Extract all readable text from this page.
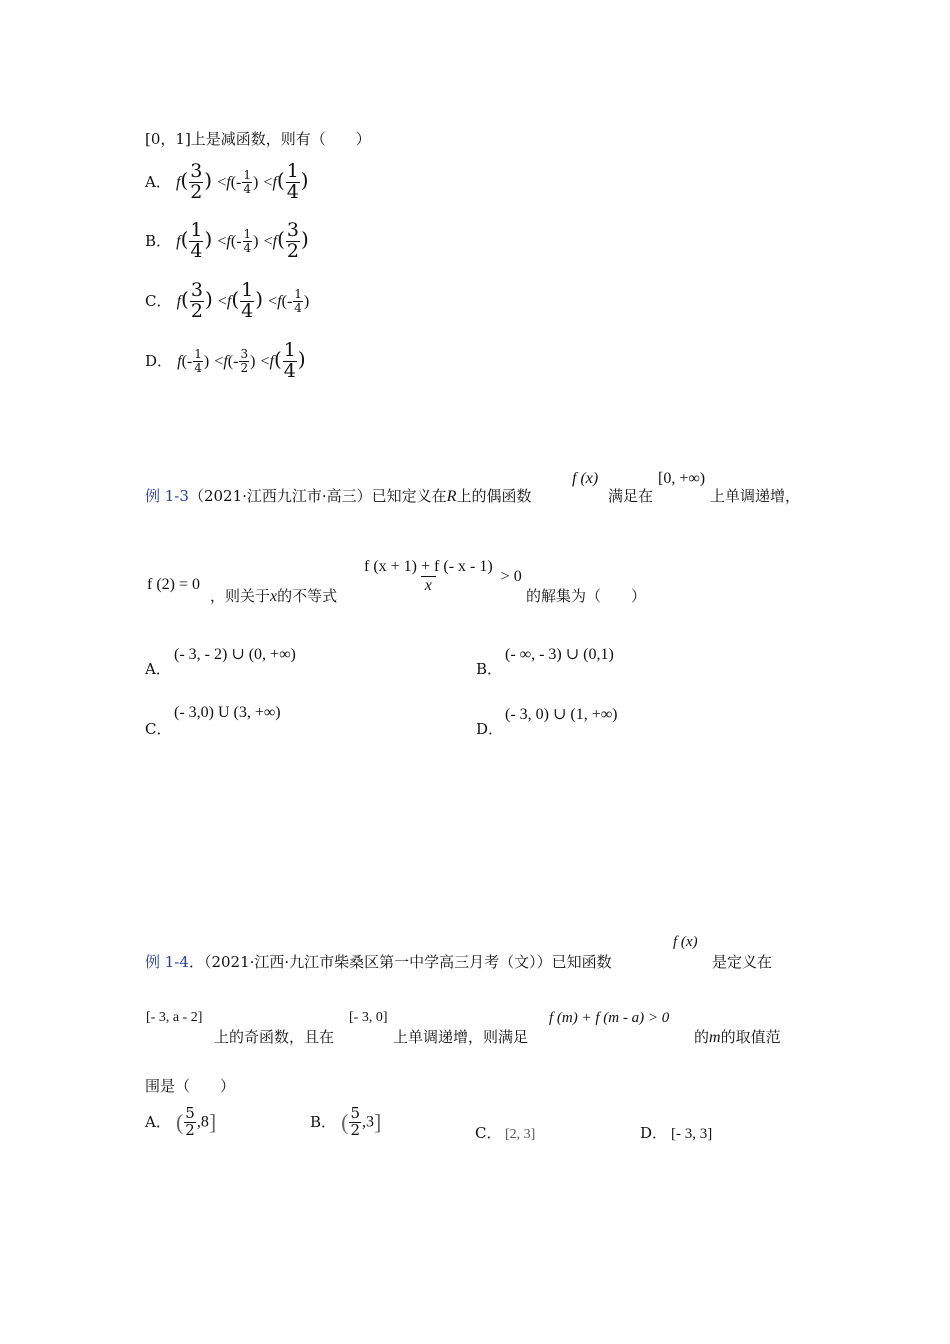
[0，1]上是减函数，则有（　　）
A． $f( \frac{3}{2}$ ) $<f(- \frac{1}{4}$ ) $<f( \frac{1}{4}$ )
B． $f( \frac{1}{4}$ ) $<f(- \frac{1}{4}$ ) $<f( \frac{3}{2}$ )
C． $f( \frac{3}{2}$ ) $<f( \frac{1}{4}$ ) $<f(- \frac{1}{4}$ )
D． $f(- \frac{1}{4}$ ) $<f(- \frac{3}{2}$ ) $<f( \frac{1}{4}$ )
例 1-3（2021·江西九江市·高三）已知定义在R上的偶函数
f (x)
满足在
[0, +∞)
上单调递增，
f (2) = 0
，则关于x的不等式
$\frac{f (x + 1) + f (- x - 1)}{x} > 0$
的解集为（　　）
A．
(- 3, - 2) ∪ (0, +∞)
B．
(- ∞, - 3) ∪ (0,1)
C．
(- 3,0) U (3, +∞)
D．
(- 3, 0) ∪ (1, +∞)
例 1-4．（2021·江西·九江市柴桑区第一中学高三月考（文））已知函数
f (x)
是定义在
[- 3, a - 2]
上的奇函数，且在
[- 3, 0]
上单调递增，则满足
f (m) + f (m - a) > 0
的m的取值范
围是（　　）
A． ( $\frac{5}{2} ,8$]	B． ( $\frac{5}{2} ,3$]	C． [2, 3]	D． [- 3, 3]
